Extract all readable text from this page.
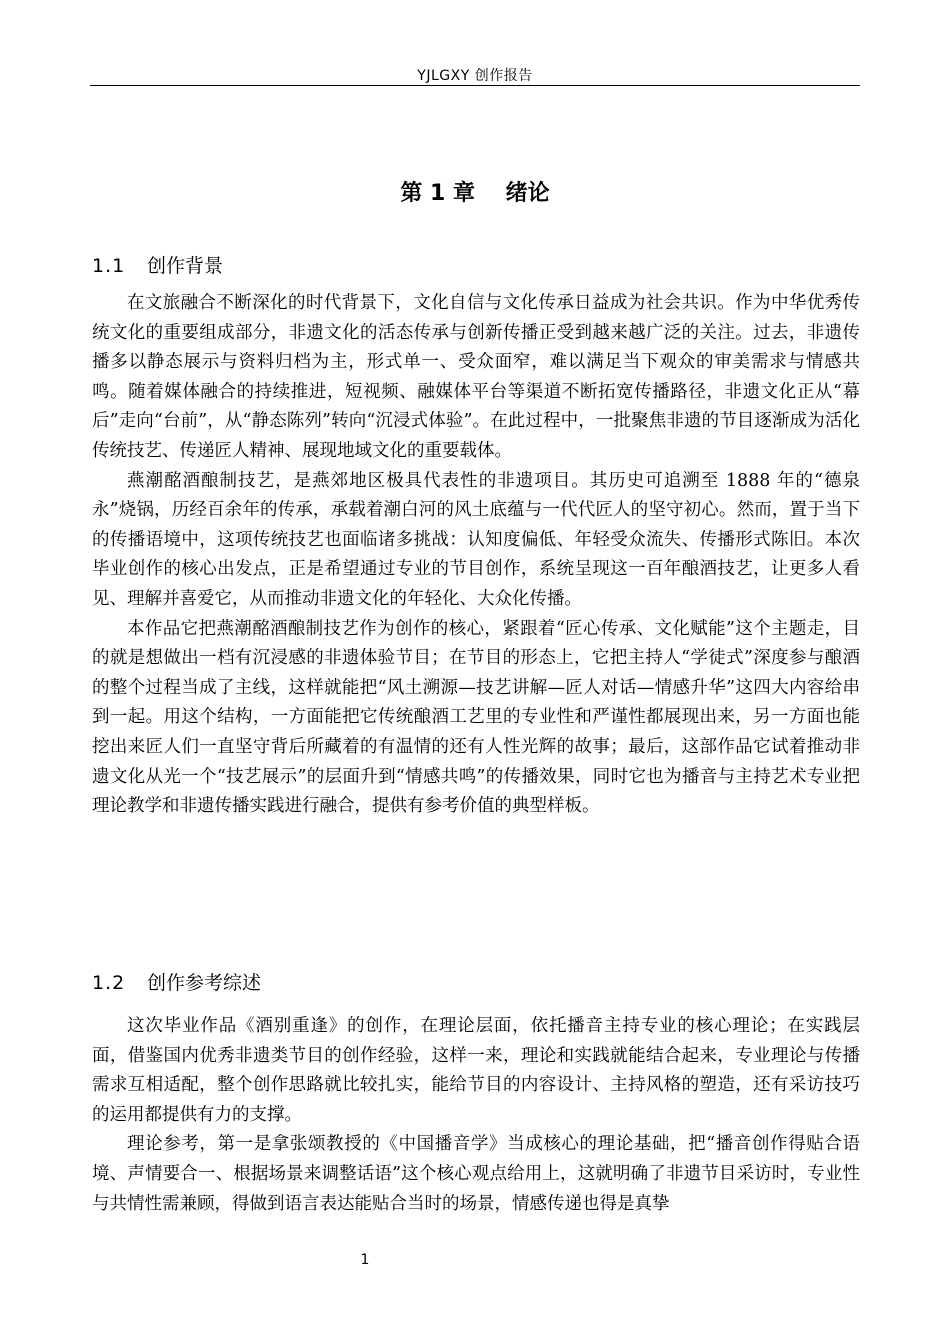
YJLGXY 创作报告
第 1 章    绪论
1.1 创作背景

在文旅融合不断深化的时代背景下，文化自信与文化传承日益成为社会共识。作为中华优秀传统文化的重要组成部分，非遗文化的活态传承与创新传播正受到越来越广泛的关注。过去，非遗传播多以静态展示与资料归档为主，形式单一、受众面窄，难以满足当下观众的审美需求与情感共鸣。随着媒体融合的持续推进，短视频、融媒体平台等渠道不断拓宽传播路径，非遗文化正从“幕后”走向“台前”，从“静态陈列”转向“沉浸式体验”。在此过程中，一批聚焦非遗的节目逐渐成为活化传统技艺、传递匠人精神、展现地域文化的重要载体。

燕潮酩酒酿制技艺，是燕郊地区极具代表性的非遗项目。其历史可追溯至 1888 年的“德泉永”烧锅，历经百余年的传承，承载着潮白河的风土底蕴与一代代匠人的坚守初心。然而，置于当下的传播语境中，这项传统技艺也面临诸多挑战：认知度偏低、年轻受众流失、传播形式陈旧。本次毕业创作的核心出发点，正是希望通过专业的节目创作，系统呈现这一百年酿酒技艺，让更多人看见、理解并喜爱它，从而推动非遗文化的年轻化、大众化传播。

本作品它把燕潮酩酒酿制技艺作为创作的核心，紧跟着“匠心传承、文化赋能”这个主题走，目的就是想做出一档有沉浸感的非遗体验节目；在节目的形态上，它把主持人“学徒式”深度参与酿酒的整个过程当成了主线，这样就能把“风土溯源—技艺讲解—匠人对话—情感升华”这四大内容给串到一起。用这个结构，一方面能把它传统酿酒工艺里的专业性和严谨性都展现出来，另一方面也能挖出来匠人们一直坚守背后所藏着的有温情的还有人性光辉的故事；最后，这部作品它试着推动非遗文化从光一个“技艺展示”的层面升到“情感共鸣”的传播效果，同时它也为播音与主持艺术专业把理论教学和非遗传播实践进行融合，提供有参考价值的典型样板。

1.2 创作参考综述

这次毕业作品《酒别重逢》的创作，在理论层面，依托播音主持专业的核心理论；在实践层面，借鉴国内优秀非遗类节目的创作经验，这样一来，理论和实践就能结合起来，专业理论与传播需求互相适配，整个创作思路就比较扎实，能给节目的内容设计、主持风格的塑造，还有采访技巧的运用都提供有力的支撑。

理论参考，第一是拿张颂教授的《中国播音学》当成核心的理论基础，把“播音创作得贴合语境、声情要合一、根据场景来调整话语”这个核心观点给用上，这就明确了非遗节目采访时，专业性与共情性需兼顾，得做到语言表达能贴合当时的场景，情感传递也得是真挚

1
